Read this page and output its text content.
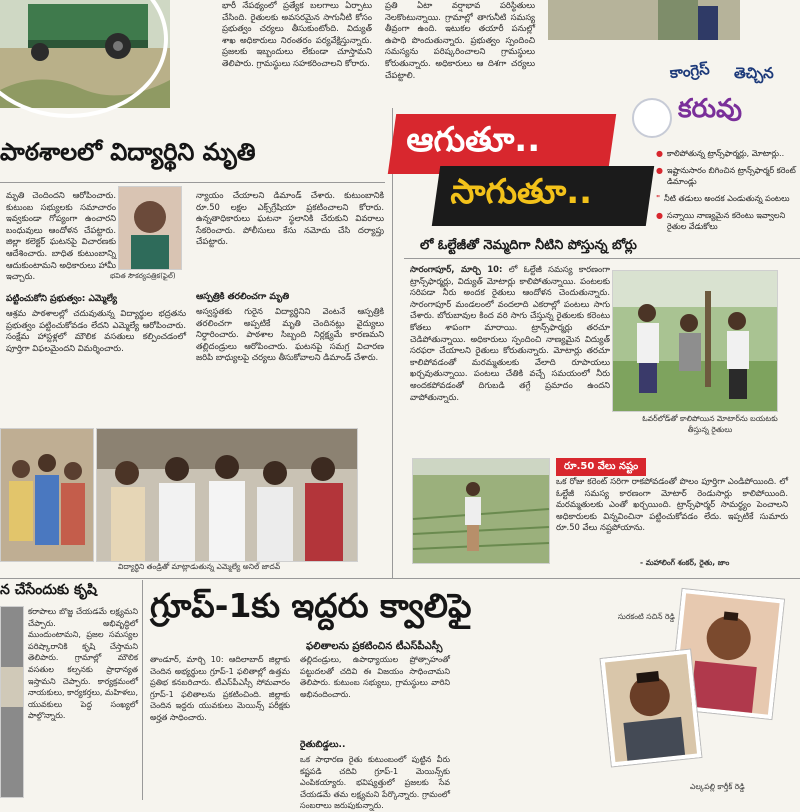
భారీ నేపథ్యంలో ప్రత్యేక బలగాలు ఏర్పాటు చేసింది. రైతులకు అవసరమైన సాగునీటి కోసం ప్రభుత్వం చర్యలు తీసుకుంటోంది. విద్యుత్ శాఖ అధికారులు నిరంతరం పర్యవేక్షిస్తున్నారు. ప్రజలకు ఇబ్బందులు లేకుండా చూస్తామని తెలిపారు. గ్రామస్థులు సహకరించాలని కోరారు.
ప్రతి ఏటా వర్షాభావ పరిస్థితులు నెలకొంటున్నాయి. గ్రామాల్లో తాగునీటి సమస్య తీవ్రంగా ఉంది. ఇటుకల తయారీ పనుల్లో ఉపాధి పొందుతున్నారు. ప్రభుత్వం స్పందించి సమస్యను పరిష్కరించాలని గ్రామస్థులు కోరుతున్నారు. అధికారులు ఆ దిశగా చర్యలు చేపట్టాలి.	కాంగ్రెస్ తెచ్చిన
కరువు
పాఠశాలలో విద్యార్థిని మృతి
మృతి చెందిందని ఆరోపించారు. కుటుంబ సభ్యులకు సమాచారం ఇవ్వకుండా గోప్యంగా ఉంచారని బంధువులు ఆందోళన చేపట్టారు. జిల్లా కలెక్టర్ ఘటనపై విచారణకు ఆదేశించారు. బాధిత కుటుంబాన్ని ఆదుకుంటామని అధికారులు హామీ ఇచ్చారు.	భవిత సౌకర్యపత్రిక(ఫైల్)
పట్టించుకోని ప్రభుత్వం: ఎమ్మెల్యే
ఆశ్రమ పాఠశాలల్లో చదువుతున్న విద్యార్థుల భద్రతను ప్రభుత్వం పట్టించుకోవడం లేదని ఎమ్మెల్యే ఆరోపించారు. సంక్షేమ హాస్టళ్లలో మౌలిక వసతులు కల్పించడంలో పూర్తిగా విఫలమైందని విమర్శించారు.
న్యాయం చేయాలని డిమాండ్ చేశారు. కుటుంబానికి రూ.50 లక్షల ఎక్స్‌గ్రేషియా ప్రకటించాలని కోరారు. ఉన్నతాధికారులు ఘటనా స్థలానికి చేరుకుని వివరాలు సేకరించారు. పోలీసులు కేసు నమోదు చేసి దర్యాప్తు చేపట్టారు.
ఆస్పత్రికి తరలించగా మృతి
అస్వస్థతకు గురైన విద్యార్థినిని వెంటనే ఆస్పత్రికి తరలించగా అప్పటికే మృతి చెందినట్లు వైద్యులు నిర్ధారించారు. పాఠశాల సిబ్బంది నిర్లక్ష్యమే కారణమని తల్లిదండ్రులు ఆరోపించారు. ఘటనపై సమగ్ర విచారణ జరిపి బాధ్యులపై చర్యలు తీసుకోవాలని డిమాండ్ చేశారు.
విద్యార్థిని తండ్రితో మాట్లాడుతున్న ఎమ్మెల్యే అనిల్ జాదవ్
ఆగుతూ..
సాగుతూ..
● కాలిపోతున్న ట్రాన్స్‌ఫార్మర్లు, మోటార్లు..
● ఇష్టానుసారం బిగించిన ట్రాన్స్‌ఫార్మర్ కరెంట్ డిమాండ్లు
" నీటి తడులు అందక ఎండుతున్న పంటలు
● సన్నాయి నాణ్యమైన కరెంటు ఇవ్వాలని రైతుల వేడుకోలు
లో ఓల్టేజీతో నెమ్మదిగా నీటిని పోస్తున్న బోర్లు
సారంగాపూర్, మార్చి 10: లో ఓల్టేజీ సమస్య కారణంగా ట్రాన్స్‌ఫార్మర్లు, విద్యుత్ మోటార్లు కాలిపోతున్నాయి. పంటలకు సరిపడా నీరు అందక రైతులు ఆందోళన చెందుతున్నారు. సారంగాపూర్ మండలంలో వందలాది ఎకరాల్లో పంటలు సాగు చేశారు. బోరుబావుల కింద వరి సాగు చేస్తున్న రైతులకు కరెంటు కోతలు శాపంగా మారాయి. ట్రాన్స్‌ఫార్మర్లు తరచూ చెడిపోతున్నాయి. అధికారులు స్పందించి నాణ్యమైన విద్యుత్ సరఫరా చేయాలని రైతులు కోరుతున్నారు. మోటార్లు తరచూ కాలిపోవడంతో మరమ్మతులకు వేలాది రూపాయలు ఖర్చవుతున్నాయి. పంటలు చేతికి వచ్చే సమయంలో నీరు అందకపోవడంతో దిగుబడి తగ్గే ప్రమాదం ఉందని వాపోతున్నారు.
ఓవర్‌లోడ్‌తో కాలిపోయిన మోటార్‌ను బయటకు తీస్తున్న రైతులు
రూ.50 వేలు నష్టం
ఒక రోజు కరెంట్ సరిగా రాకపోవడంతో పొలం పూర్తిగా ఎండిపోయింది. లో ఓల్టేజీ సమస్య కారణంగా మోటార్ రెండుసార్లు కాలిపోయింది. మరమ్మతులకు ఎంతో ఖర్చయింది. ట్రాన్స్‌ఫార్మర్ సామర్థ్యం పెంచాలని అధికారులకు విన్నవించినా పట్టించుకోవడం లేదు. ఇప్పటికే సుమారు రూ.50 వేలు నష్టపోయాను.
- మహాలింగ్ శంకర్, రైతు, జాం
న చేసేందుకు కృషి
కరాపాలు బొజ్జ చేయడమే లక్ష్యమని చేప్పారు. అభివృద్ధిలో ముందుంటామని, ప్రజల సమస్యల పరిష్కారానికి కృషి చేస్తామని తెలిపారు. గ్రామాల్లో మౌలిక వసతుల కల్పనకు ప్రాధాన్యత ఇస్తామని చెప్పారు. కార్యక్రమంలో నాయకులు, కార్యకర్తలు, మహిళలు, యువకులు పెద్ద సంఖ్యలో పాల్గొన్నారు.
గ్రూప్-1కు ఇద్దరు క్వాలిఫై
ఫలితాలను ప్రకటించిన టీఎస్‌పీఎస్సీ
తాండూర్, మార్చి 10: ఆదిలాబాద్ జిల్లాకు చెందిన అభ్యర్థులు గ్రూప్-1 ఫలితాల్లో ఉత్తమ ప్రతిభ కనబరిచారు. టీఎస్‌పీఎస్సీ సోమవారం గ్రూప్-1 ఫలితాలను ప్రకటించింది. జిల్లాకు చెందిన ఇద్దరు యువకులు మెయిన్స్ పరీక్షకు అర్హత సాధించారు.
తల్లిదండ్రులు, ఉపాధ్యాయుల ప్రోత్సాహంతో పట్టుదలతో చదివి ఈ విజయం సాధించామని తెలిపారు. కుటుంబ సభ్యులు, గ్రామస్థులు వారిని అభినందించారు.
రైతుబిడ్డలు..
ఒక సాధారణ రైతు కుటుంబంలో పుట్టిన వీరు కష్టపడి చదివి గ్రూప్-1 మెయిన్స్‌కు ఎంపికయ్యారు. భవిష్యత్తులో ప్రజలకు సేవ చేయడమే తమ లక్ష్యమని పేర్కొన్నారు. గ్రామంలో సంబరాలు జరుపుకున్నారు.
సురకంటి సచిన్ రెడ్డి
ఎల్కపల్లి కార్తీక్ రెడ్డి
